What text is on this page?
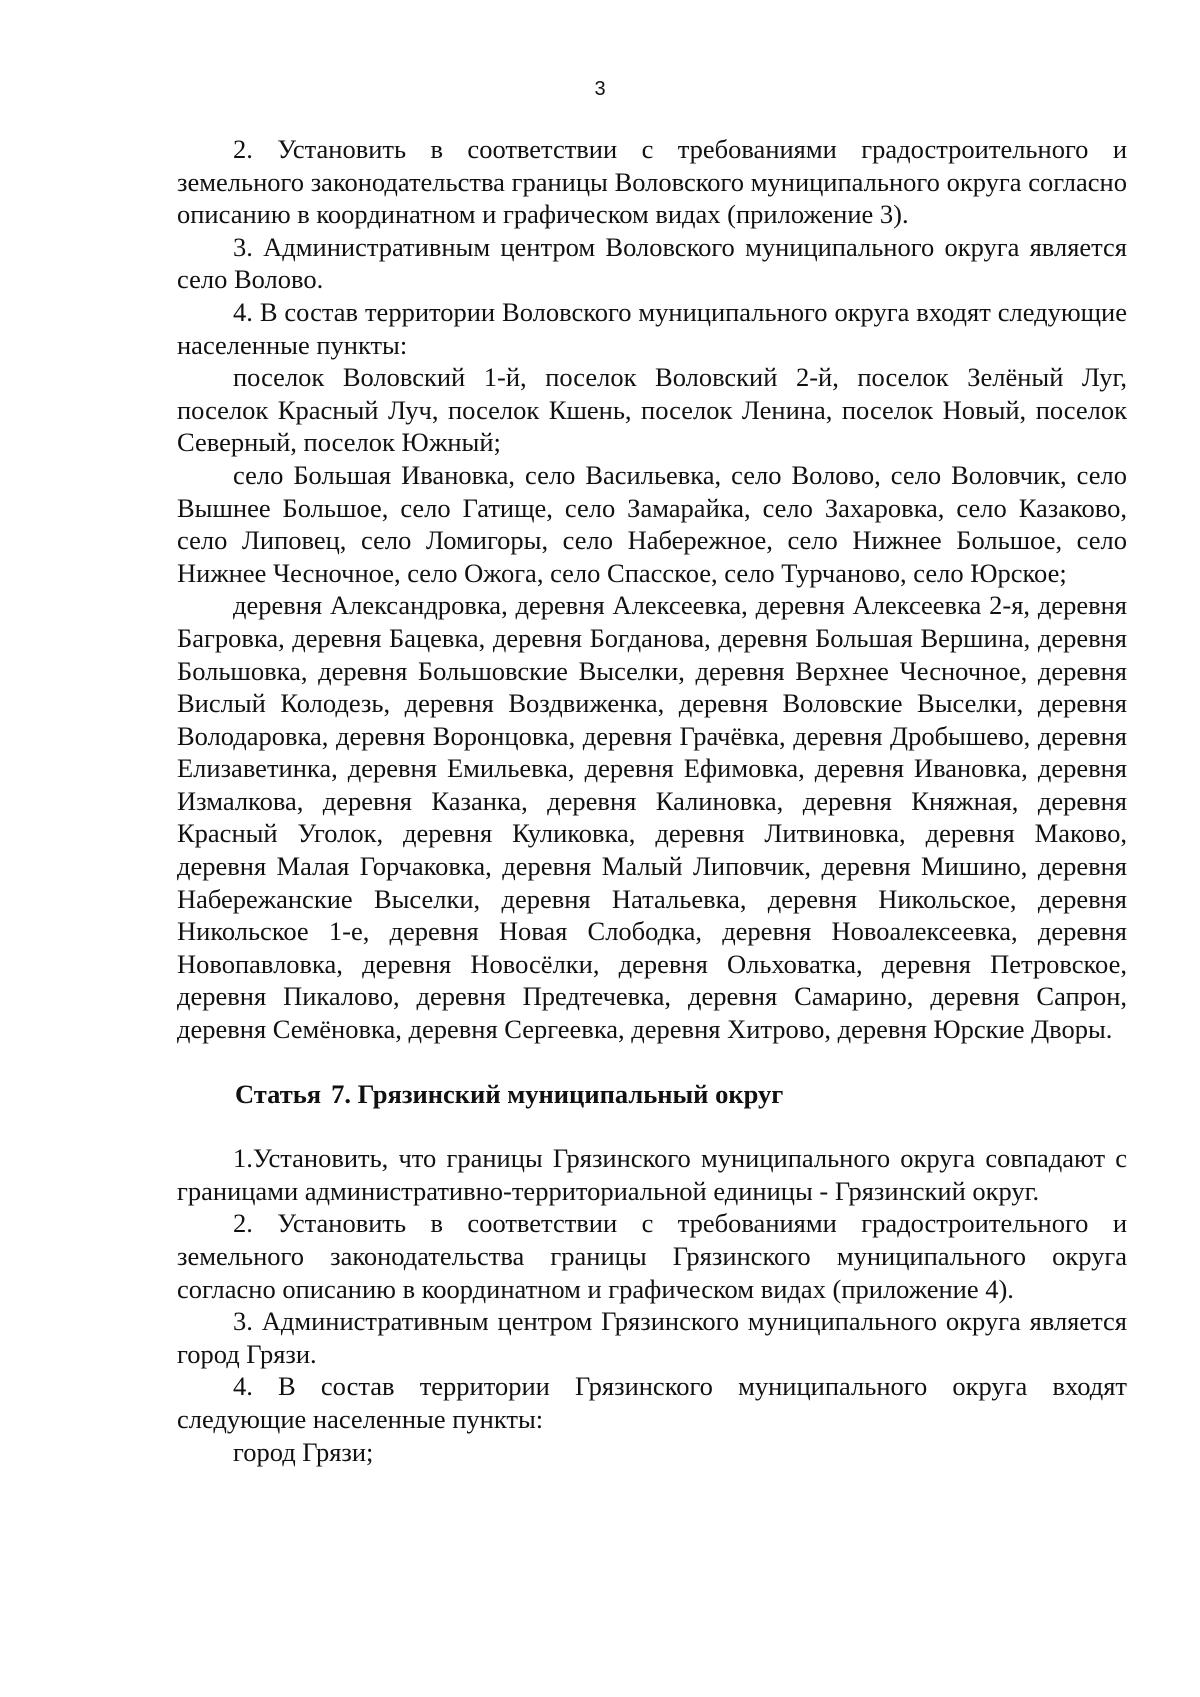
3

2. Установить в соответствии с требованиями градостроительного и земельного законодательства границы Воловского муниципального округа согласно описанию в координатном и графическом видах (приложение 3).

3. Административным центром Воловского муниципального округа является село Волово.

4. В состав территории Воловского муниципального округа входят следующие населенные пункты:

поселок Воловский 1-й, поселок Воловский 2-й, поселок Зелёный Луг, поселок Красный Луч, поселок Кшень, поселок Ленина, поселок Новый, поселок Северный, поселок Южный;

село Большая Ивановка, село Васильевка, село Волово, село Воловчик, село Вышнее Большое, село Гатище, село Замарайка, село Захаровка, село Казаково, село Липовец, село Ломигоры, село Набережное, село Нижнее Большое, село Нижнее Чесночное, село Ожога, село Спасское, село Турчаново, село Юрское;

деревня Александровка, деревня Алексеевка, деревня Алексеевка 2-я, деревня Багровка, деревня Бацевка, деревня Богданова, деревня Большая Вершина, деревня Большовка, деревня Большовские Выселки, деревня Верхнее Чесночное, деревня Вислый Колодезь, деревня Воздвиженка, деревня Воловские Выселки, деревня Володаровка, деревня Воронцовка, деревня Грачёвка, деревня Дробышево, деревня Елизаветинка, деревня Емильевка, деревня Ефимовка, деревня Ивановка, деревня Измалкова, деревня Казанка, деревня Калиновка, деревня Княжная, деревня Красный Уголок, деревня Куликовка, деревня Литвиновка, деревня Маково, деревня Малая Горчаковка, деревня Малый Липовчик, деревня Мишино, деревня Набережанские Выселки, деревня Натальевка, деревня Никольское, деревня Никольское 1-е, деревня Новая Слободка, деревня Новоалексеевка, деревня Новопавловка, деревня Новосёлки, деревня Ольховатка, деревня Петровское, деревня Пикалово, деревня Предтечевка, деревня Самарино, деревня Сапрон, деревня Семёновка, деревня Сергеевка, деревня Хитрово, деревня Юрские Дворы.

Статья 7. Грязинский муниципальный округ

1.Установить, что границы Грязинского муниципального округа совпадают с границами административно-территориальной единицы - Грязинский округ.

2. Установить в соответствии с требованиями градостроительного и земельного законодательства границы Грязинского муниципального округа согласно описанию в координатном и графическом видах (приложение 4).

3. Административным центром Грязинского муниципального округа является город Грязи.

4. В состав территории Грязинского муниципального округа входят следующие населенные пункты:

город Грязи;
